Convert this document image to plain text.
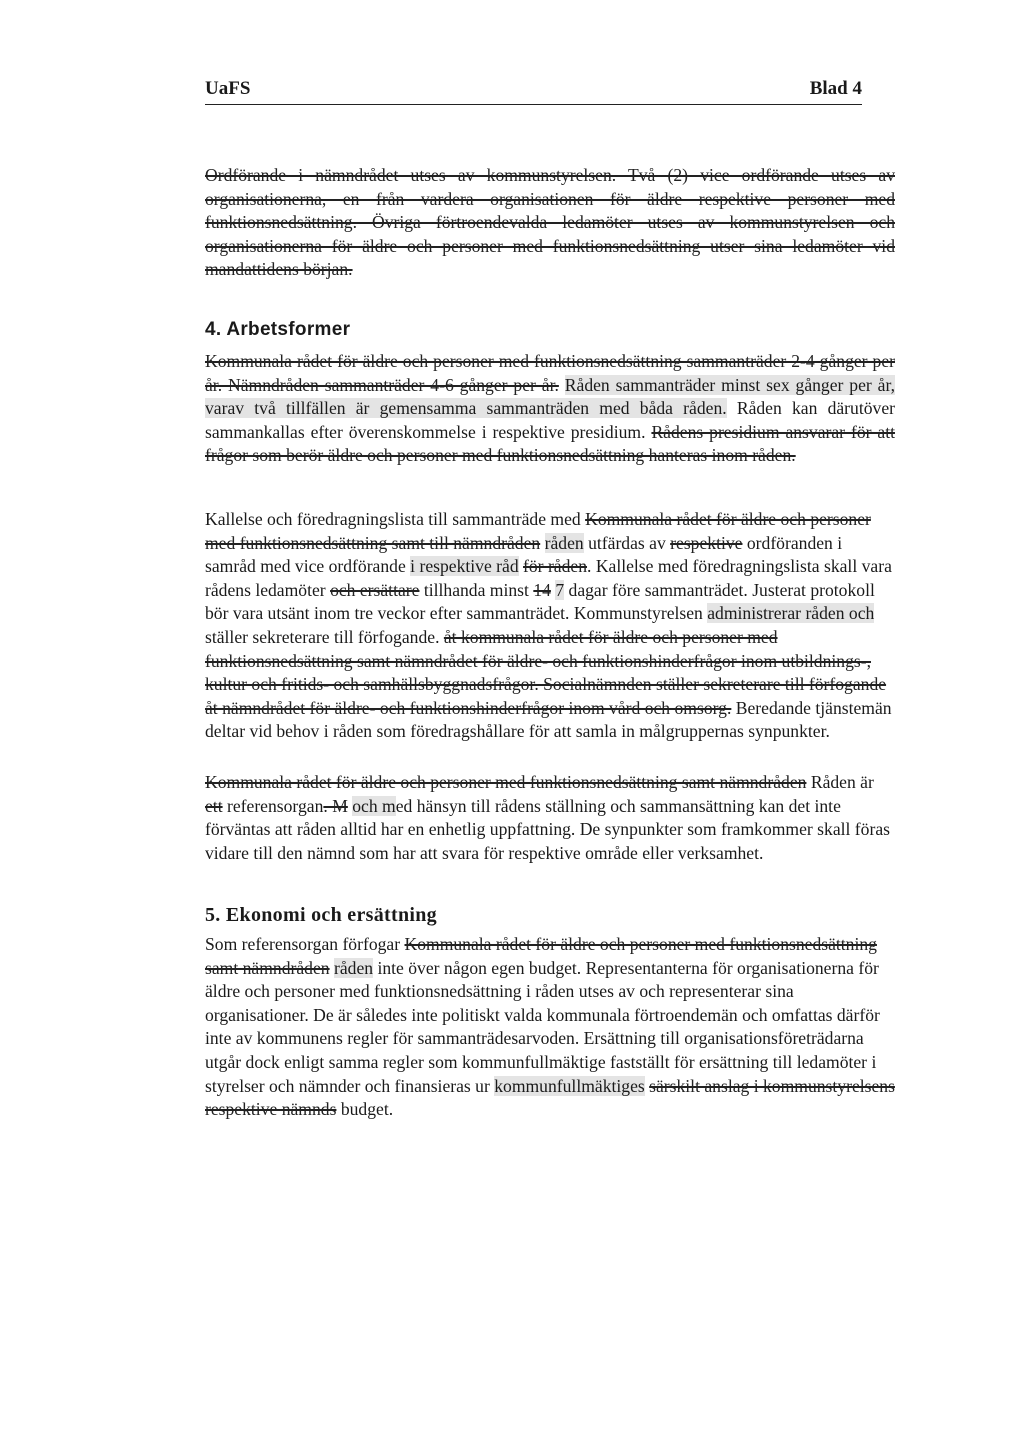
UaFS	Blad 4

Ordförande i nämndrådet utses av kommunstyrelsen. Två (2) vice ordförande utses av organisationerna, en från vardera organisationen för äldre respektive personer med funktionsnedsättning. Övriga förtroendevalda ledamöter utses av kommunstyrelsen och organisationerna för äldre och personer med funktionsnedsättning utser sina ledamöter vid mandattidens början.

4. Arbetsformer

Kommunala rådet för äldre och personer med funktionsnedsättning sammanträder 2-4 gånger per år. Nämndråden sammanträder 4-6 gånger per år. Råden sammanträder minst sex gånger per år, varav två tillfällen är gemensamma sammanträden med båda råden. Råden kan därutöver sammankallas efter överenskommelse i respektive presidium. Rådens presidium ansvarar för att frågor som berör äldre och personer med funktionsnedsättning hanteras inom råden.

Kallelse och föredragningslista till sammanträde med Kommunala rådet för äldre och personer med funktionsnedsättning samt till nämndråden råden utfärdas av respektive ordföranden i samråd med vice ordförande i respektive råd för råden. Kallelse med föredragningslista skall vara rådens ledamöter och ersättare tillhanda minst 14 7 dagar före sammanträdet. Justerat protokoll bör vara utsänt inom tre veckor efter sammanträdet. Kommunstyrelsen administrerar råden och ställer sekreterare till förfogande. åt kommunala rådet för äldre och personer med funktionsnedsättning samt nämndrådet för äldre- och funktionshinderfrågor inom utbildnings-, kultur och fritids- och samhällsbyggnadsfrågor. Socialnämnden ställer sekreterare till förfogande åt nämndrådet för äldre- och funktionshinderfrågor inom vård och omsorg. Beredande tjänstemän deltar vid behov i råden som föredragshållare för att samla in målgruppernas synpunkter.

Kommunala rådet för äldre och personer med funktionsnedsättning samt nämndråden Råden är ett referensorgan. M och med hänsyn till rådens ställning och sammansättning kan det inte förväntas att råden alltid har en enhetlig uppfattning. De synpunkter som framkommer skall föras vidare till den nämnd som har att svara för respektive område eller verksamhet.

5. Ekonomi och ersättning

Som referensorgan förfogar Kommunala rådet för äldre och personer med funktionsnedsättning samt nämndråden råden inte över någon egen budget. Representanterna för organisationerna för äldre och personer med funktionsnedsättning i råden utses av och representerar sina organisationer. De är således inte politiskt valda kommunala förtroendemän och omfattas därför inte av kommunens regler för sammanträdesarvoden. Ersättning till organisationsföreträdarna utgår dock enligt samma regler som kommunfullmäktige fastställt för ersättning till ledamöter i styrelser och nämnder och finansieras ur kommunfullmäktiges särskilt anslag i kommunstyrelsens respektive nämnds budget.
